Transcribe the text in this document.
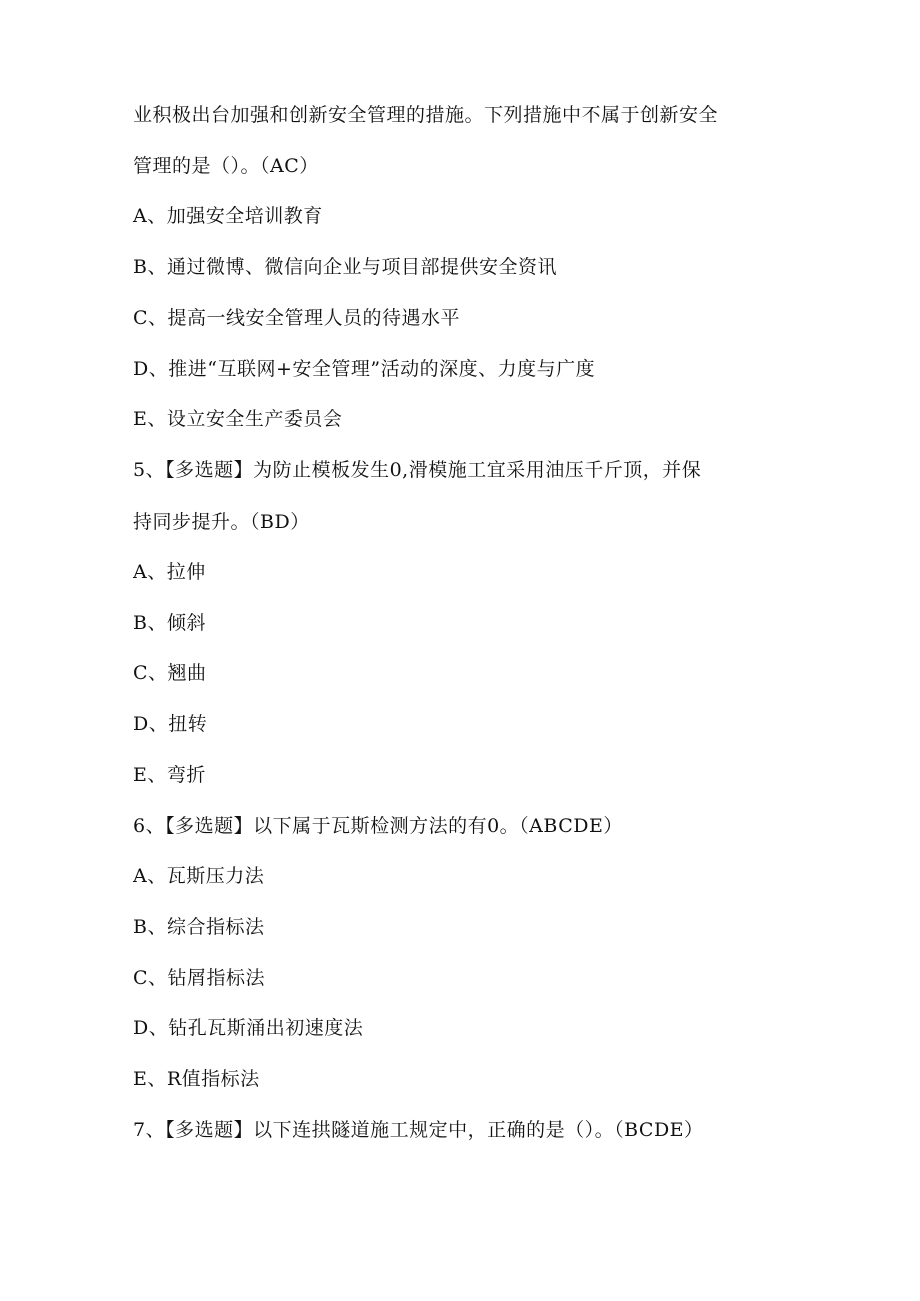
业积极出台加强和创新安全管理的措施。下列措施中不属于创新安全
管理的是（）。（AC）
A、加强安全培训教育
B、通过微博、微信向企业与项目部提供安全资讯
C、提高一线安全管理人员的待遇水平
D、推进“互联网+安全管理”活动的深度、力度与广度
E、设立安全生产委员会
5、【多选题】为防止模板发生0,滑模施工宜采用油压千斤顶，并保
持同步提升。（BD）
A、拉伸
B、倾斜
C、翘曲
D、扭转
E、弯折
6、【多选题】以下属于瓦斯检测方法的有0。（ABCDE）
A、瓦斯压力法
B、综合指标法
C、钻屑指标法
D、钻孔瓦斯涌出初速度法
E、R值指标法
7、【多选题】以下连拱隧道施工规定中，正确的是（）。（BCDE）
